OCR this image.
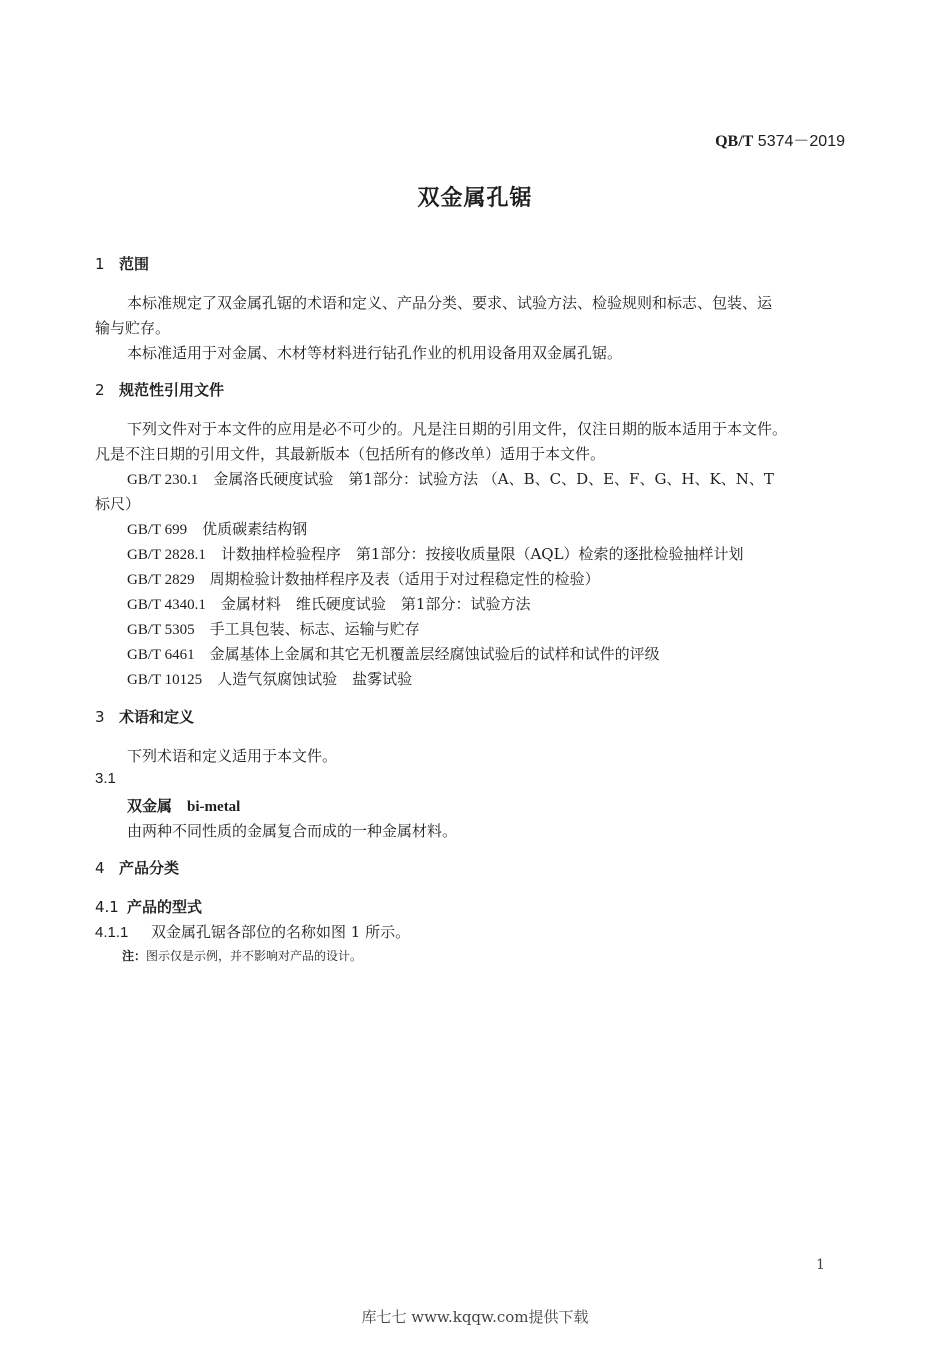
QB/T 5374－2019
双金属孔锯
1 范围
本标准规定了双金属孔锯的术语和定义、产品分类、要求、试验方法、检验规则和标志、包装、运
输与贮存。
本标准适用于对金属、木材等材料进行钻孔作业的机用设备用双金属孔锯。
2 规范性引用文件
下列文件对于本文件的应用是必不可少的。凡是注日期的引用文件，仅注日期的版本适用于本文件。
凡是不注日期的引用文件，其最新版本（包括所有的修改单）适用于本文件。
GB/T 230.1　 金属洛氏硬度试验　第1部分：试验方法 （A、B、C、D、E、F、G、H、K、N、T
标尺）
GB/T 699　 优质碳素结构钢
GB/T 2828.1　 计数抽样检验程序　第1部分：按接收质量限（AQL）检索的逐批检验抽样计划
GB/T 2829　 周期检验计数抽样程序及表（适用于对过程稳定性的检验）
GB/T 4340.1　 金属材料　维氏硬度试验　第1部分：试验方法
GB/T 5305　 手工具包装、标志、运输与贮存
GB/T 6461　 金属基体上金属和其它无机覆盖层经腐蚀试验后的试样和试件的评级
GB/T 10125　 人造气氛腐蚀试验　盐雾试验
3 术语和定义
下列术语和定义适用于本文件。
3.1
双金属　 bi-metal
由两种不同性质的金属复合而成的一种金属材料。
4 产品分类
4.1 产品的型式
4.1.1 双金属孔锯各部位的名称如图 1 所示。
注：图示仅是示例，并不影响对产品的设计。
1
库七七 www.kqqw.com提供下载
